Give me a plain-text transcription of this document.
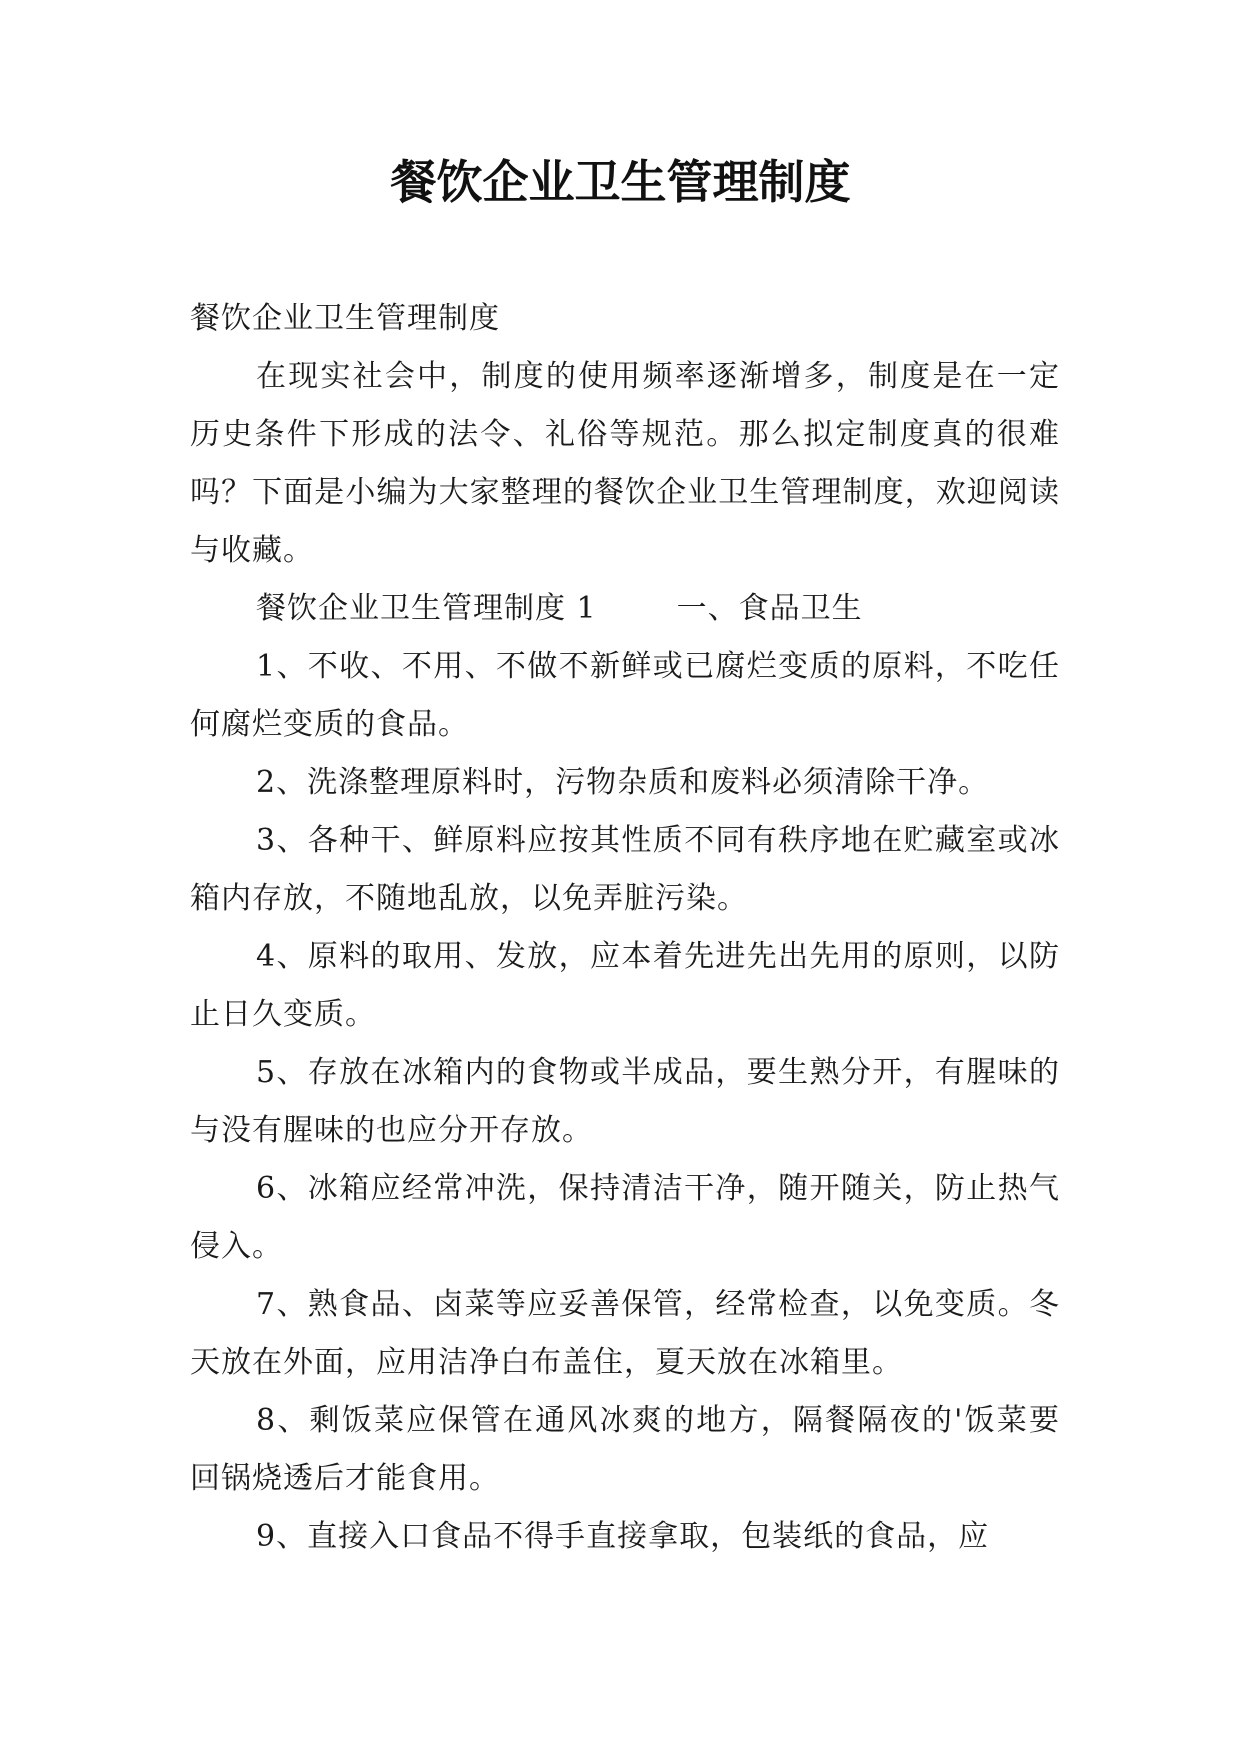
餐饮企业卫生管理制度

餐饮企业卫生管理制度

在现实社会中，制度的使用频率逐渐增多，制度是在一定历史条件下形成的法令、礼俗等规范。那么拟定制度真的很难吗？下面是小编为大家整理的餐饮企业卫生管理制度，欢迎阅读与收藏。

餐饮企业卫生管理制度 1	一、食品卫生

1、不收、不用、不做不新鲜或已腐烂变质的原料，不吃任何腐烂变质的食品。

2、洗涤整理原料时，污物杂质和废料必须清除干净。

3、各种干、鲜原料应按其性质不同有秩序地在贮藏室或冰箱内存放，不随地乱放，以免弄脏污染。

4、原料的取用、发放，应本着先进先出先用的原则，以防止日久变质。

5、存放在冰箱内的食物或半成品，要生熟分开，有腥味的与没有腥味的也应分开存放。

6、冰箱应经常冲洗，保持清洁干净，随开随关，防止热气侵入。

7、熟食品、卤菜等应妥善保管，经常检查，以免变质。冬天放在外面，应用洁净白布盖住，夏天放在冰箱里。

8、剩饭菜应保管在通风冰爽的地方，隔餐隔夜的'饭菜要回锅烧透后才能食用。

9、直接入口食品不得手直接拿取，包装纸的食品，应
